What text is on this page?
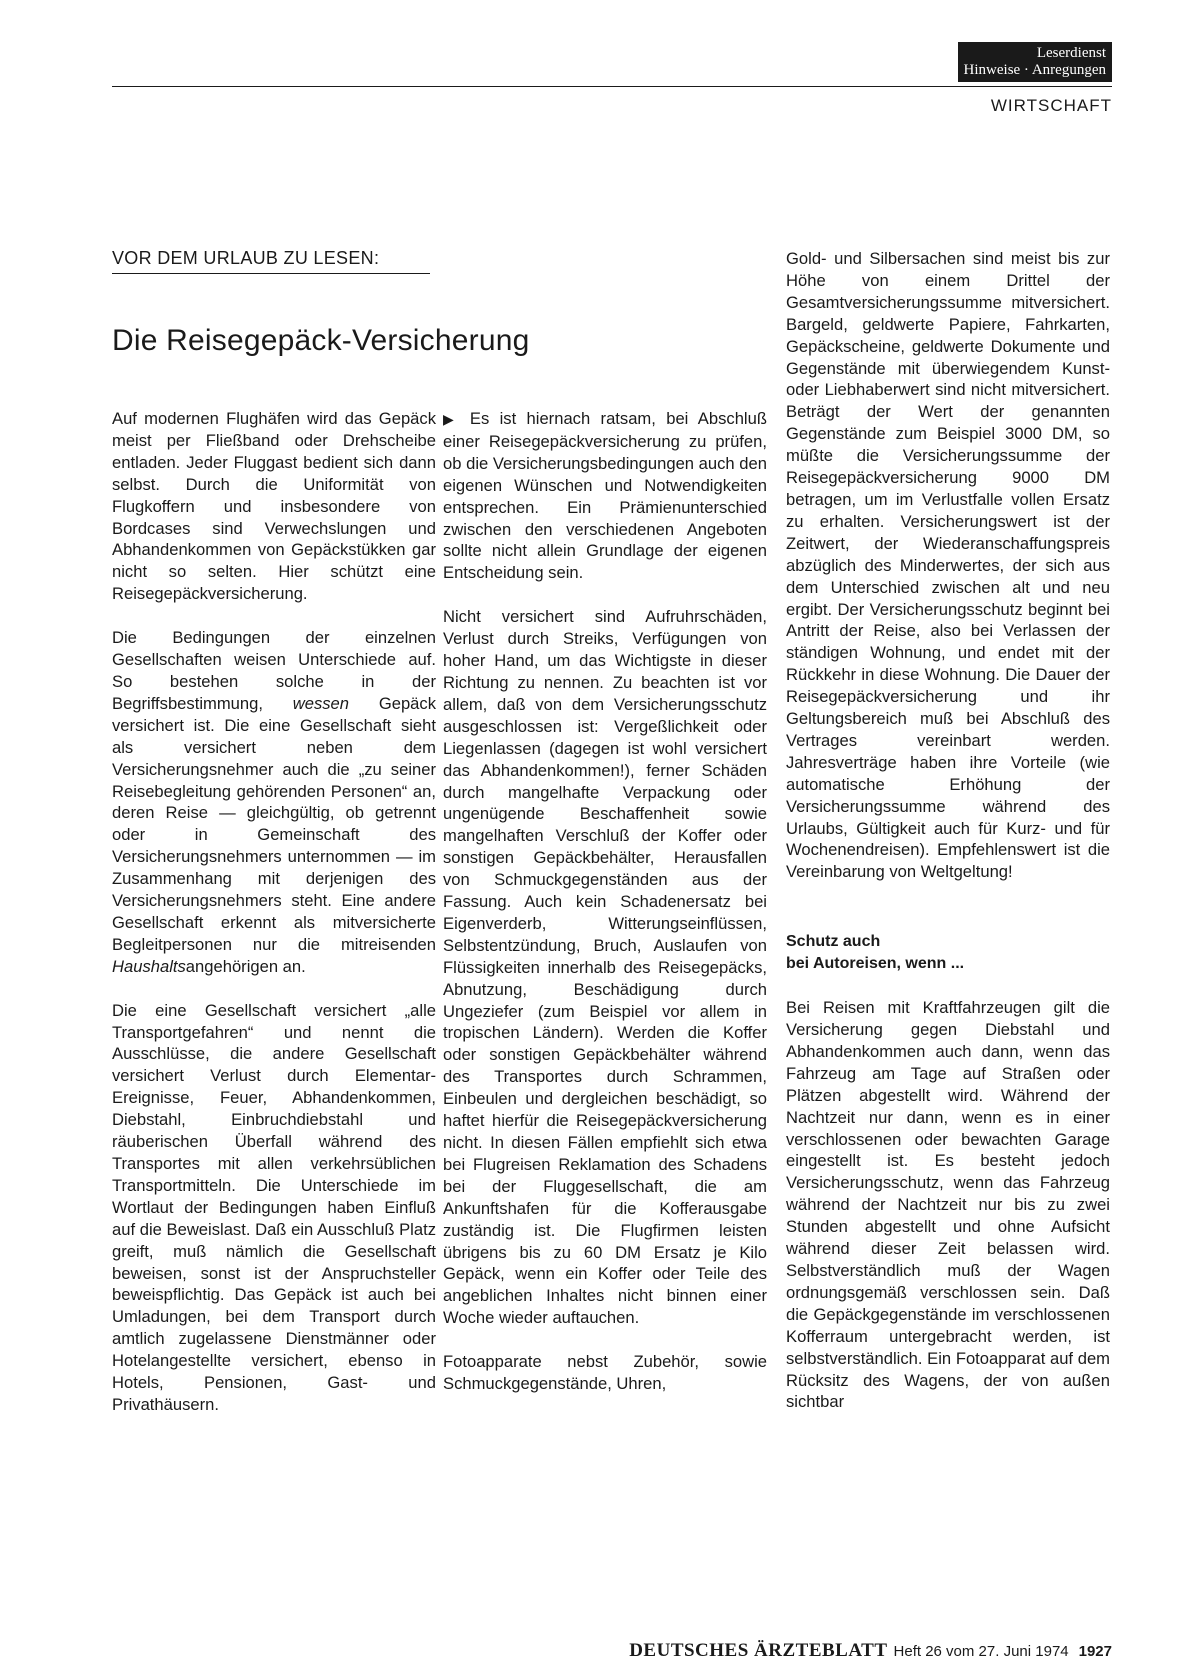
Leserdienst
Hinweise · Anregungen
WIRTSCHAFT
VOR DEM URLAUB ZU LESEN:
Die Reisegepäck-Versicherung

Auf modernen Flughäfen wird das Gepäck meist per Fließband oder Drehscheibe entladen. Jeder Fluggast bedient sich dann selbst. Durch die Uniformität von Flugkoffern und insbesondere von Bordcases sind Verwechslungen und Abhandenkommen von Gepäckstükken gar nicht so selten. Hier schützt eine Reisegepäckversicherung.

Die Bedingungen der einzelnen Gesellschaften weisen Unterschiede auf. So bestehen solche in der Begriffsbestimmung, wessen Gepäck versichert ist. Die eine Gesellschaft sieht als versichert neben dem Versicherungsnehmer auch die „zu seiner Reisebegleitung gehörenden Personen“ an, deren Reise — gleichgültig, ob getrennt oder in Gemeinschaft des Versicherungsnehmers unternommen — im Zusammenhang mit derjenigen des Versicherungsnehmers steht. Eine andere Gesellschaft erkennt als mitversicherte Begleitpersonen nur die mitreisenden Haushaltsangehörigen an.

Die eine Gesellschaft versichert „alle Transportgefahren“ und nennt die Ausschlüsse, die andere Gesellschaft versichert Verlust durch Elementar-Ereignisse, Feuer, Abhandenkommen, Diebstahl, Einbruchdiebstahl und räuberischen Überfall während des Transportes mit allen verkehrsüblichen Transportmitteln. Die Unterschiede im Wortlaut der Bedingungen haben Einfluß auf die Beweislast. Daß ein Ausschluß Platz greift, muß nämlich die Gesellschaft beweisen, sonst ist der Anspruchsteller beweispflichtig. Das Gepäck ist auch bei Umladungen, bei dem Transport durch amtlich zugelassene Dienstmänner oder Hotelangestellte versichert, ebenso in Hotels, Pensionen, Gast- und Privathäusern.

▶ Es ist hiernach ratsam, bei Abschluß einer Reisegepäckversicherung zu prüfen, ob die Versicherungsbedingungen auch den eigenen Wünschen und Notwendigkeiten entsprechen. Ein Prämienunterschied zwischen den verschiedenen Angeboten sollte nicht allein Grundlage der eigenen Entscheidung sein.

Nicht versichert sind Aufruhrschäden, Verlust durch Streiks, Verfügungen von hoher Hand, um das Wichtigste in dieser Richtung zu nennen. Zu beachten ist vor allem, daß von dem Versicherungsschutz ausgeschlossen ist: Vergeßlichkeit oder Liegenlassen (dagegen ist wohl versichert das Abhandenkommen!), ferner Schäden durch mangelhafte Verpackung oder ungenügende Beschaffenheit sowie mangelhaften Verschluß der Koffer oder sonstigen Gepäckbehälter, Herausfallen von Schmuckgegenständen aus der Fassung. Auch kein Schadenersatz bei Eigenverderb, Witterungseinflüssen, Selbstentzündung, Bruch, Auslaufen von Flüssigkeiten innerhalb des Reisegepäcks, Abnutzung, Beschädigung durch Ungeziefer (zum Beispiel vor allem in tropischen Ländern). Werden die Koffer oder sonstigen Gepäckbehälter während des Transportes durch Schrammen, Einbeulen und dergleichen beschädigt, so haftet hierfür die Reisegepäckversicherung nicht. In diesen Fällen empfiehlt sich etwa bei Flugreisen Reklamation des Schadens bei der Fluggesellschaft, die am Ankunftshafen für die Kofferausgabe zuständig ist. Die Flugfirmen leisten übrigens bis zu 60 DM Ersatz je Kilo Gepäck, wenn ein Koffer oder Teile des angeblichen Inhaltes nicht binnen einer Woche wieder auftauchen.

Fotoapparate nebst Zubehör, sowie Schmuckgegenstände, Uhren,

Gold- und Silbersachen sind meist bis zur Höhe von einem Drittel der Gesamtversicherungssumme mitversichert. Bargeld, geldwerte Papiere, Fahrkarten, Gepäckscheine, geldwerte Dokumente und Gegenstände mit überwiegendem Kunst- oder Liebhaberwert sind nicht mitversichert. Beträgt der Wert der genannten Gegenstände zum Beispiel 3000 DM, so müßte die Versicherungssumme der Reisegepäckversicherung 9000 DM betragen, um im Verlustfalle vollen Ersatz zu erhalten. Versicherungswert ist der Zeitwert, der Wiederanschaffungspreis abzüglich des Minderwertes, der sich aus dem Unterschied zwischen alt und neu ergibt. Der Versicherungsschutz beginnt bei Antritt der Reise, also bei Verlassen der ständigen Wohnung, und endet mit der Rückkehr in diese Wohnung. Die Dauer der Reisegepäckversicherung und ihr Geltungsbereich muß bei Abschluß des Vertrages vereinbart werden. Jahresverträge haben ihre Vorteile (wie automatische Erhöhung der Versicherungssumme während des Urlaubs, Gültigkeit auch für Kurz- und für Wochenendreisen). Empfehlenswert ist die Vereinbarung von Weltgeltung!

Schutz auch
bei Autoreisen, wenn ...

Bei Reisen mit Kraftfahrzeugen gilt die Versicherung gegen Diebstahl und Abhandenkommen auch dann, wenn das Fahrzeug am Tage auf Straßen oder Plätzen abgestellt wird. Während der Nachtzeit nur dann, wenn es in einer verschlossenen oder bewachten Garage eingestellt ist. Es besteht jedoch Versicherungsschutz, wenn das Fahrzeug während der Nachtzeit nur bis zu zwei Stunden abgestellt und ohne Aufsicht während dieser Zeit belassen wird. Selbstverständlich muß der Wagen ordnungsgemäß verschlossen sein. Daß die Gepäckgegenstände im verschlossenen Kofferraum untergebracht werden, ist selbstverständlich. Ein Fotoapparat auf dem Rücksitz des Wagens, der von außen sichtbar

DEUTSCHES ÄRZTEBLATT Heft 26 vom 27. Juni 1974 1927
